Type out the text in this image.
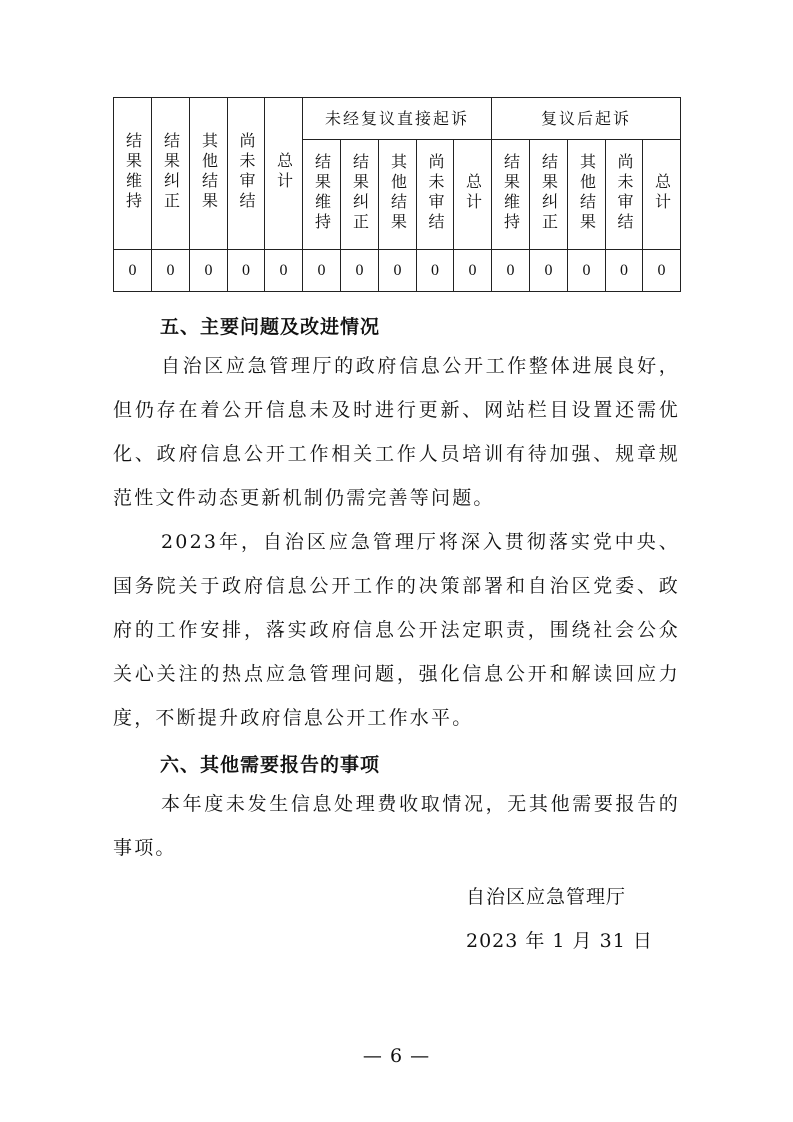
结果维持	结果纠正	其他结果	尚未审结	总计	未经复议直接起诉					复议后起诉				
					结果维持	结果纠正	其他结果	尚未审结	总计	结果维持	结果纠正	其他结果	尚未审结	总计
0	0	0	0	0	0	0	0	0	0	0	0	0	0	0
五、主要问题及改进情况

自治区应急管理厅的政府信息公开工作整体进展良好，但仍存在着公开信息未及时进行更新、网站栏目设置还需优化、政府信息公开工作相关工作人员培训有待加强、规章规范性文件动态更新机制仍需完善等问题。

2023年，自治区应急管理厅将深入贯彻落实党中央、国务院关于政府信息公开工作的决策部署和自治区党委、政府的工作安排，落实政府信息公开法定职责，围绕社会公众关心关注的热点应急管理问题，强化信息公开和解读回应力度，不断提升政府信息公开工作水平。

六、其他需要报告的事项

本年度未发生信息处理费收取情况，无其他需要报告的事项。

自治区应急管理厅
2023 年 1 月 31 日
— 6 —
